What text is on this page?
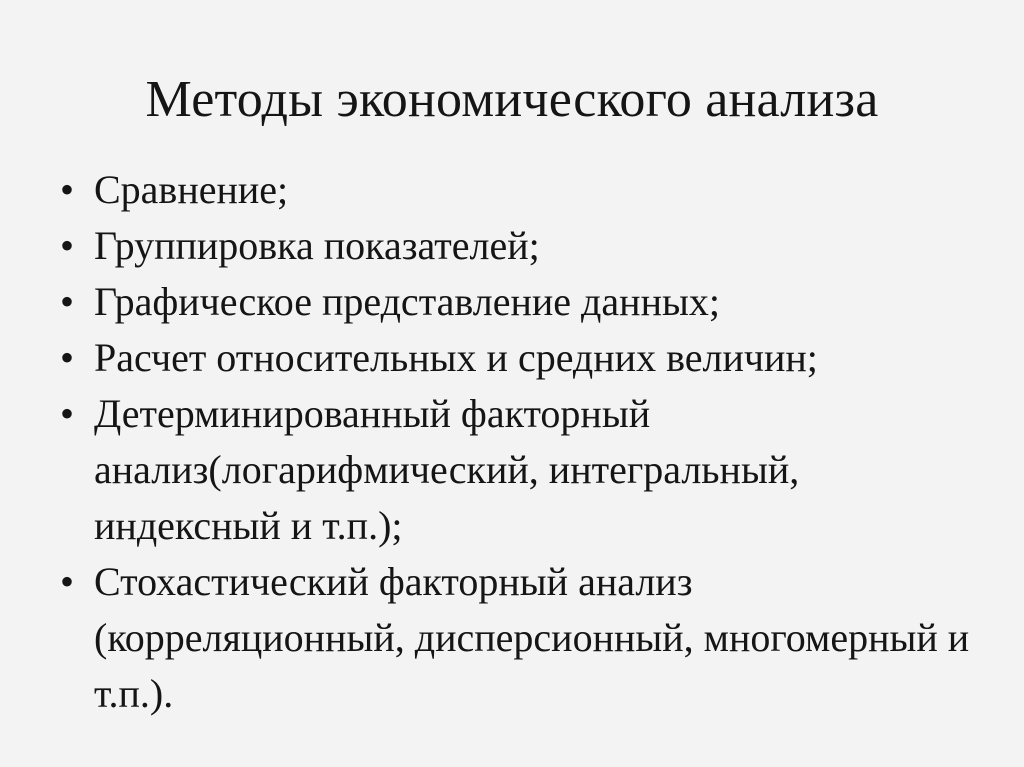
Методы экономического анализа
• Сравнение;
• Группировка показателей;
• Графическое представление данных;
• Расчет относительных и средних величин;
• Детерминированный факторный анализ(логарифмический, интегральный, индексный и т.п.);
• Стохастический факторный анализ (корреляционный, дисперсионный, многомерный и т.п.).
